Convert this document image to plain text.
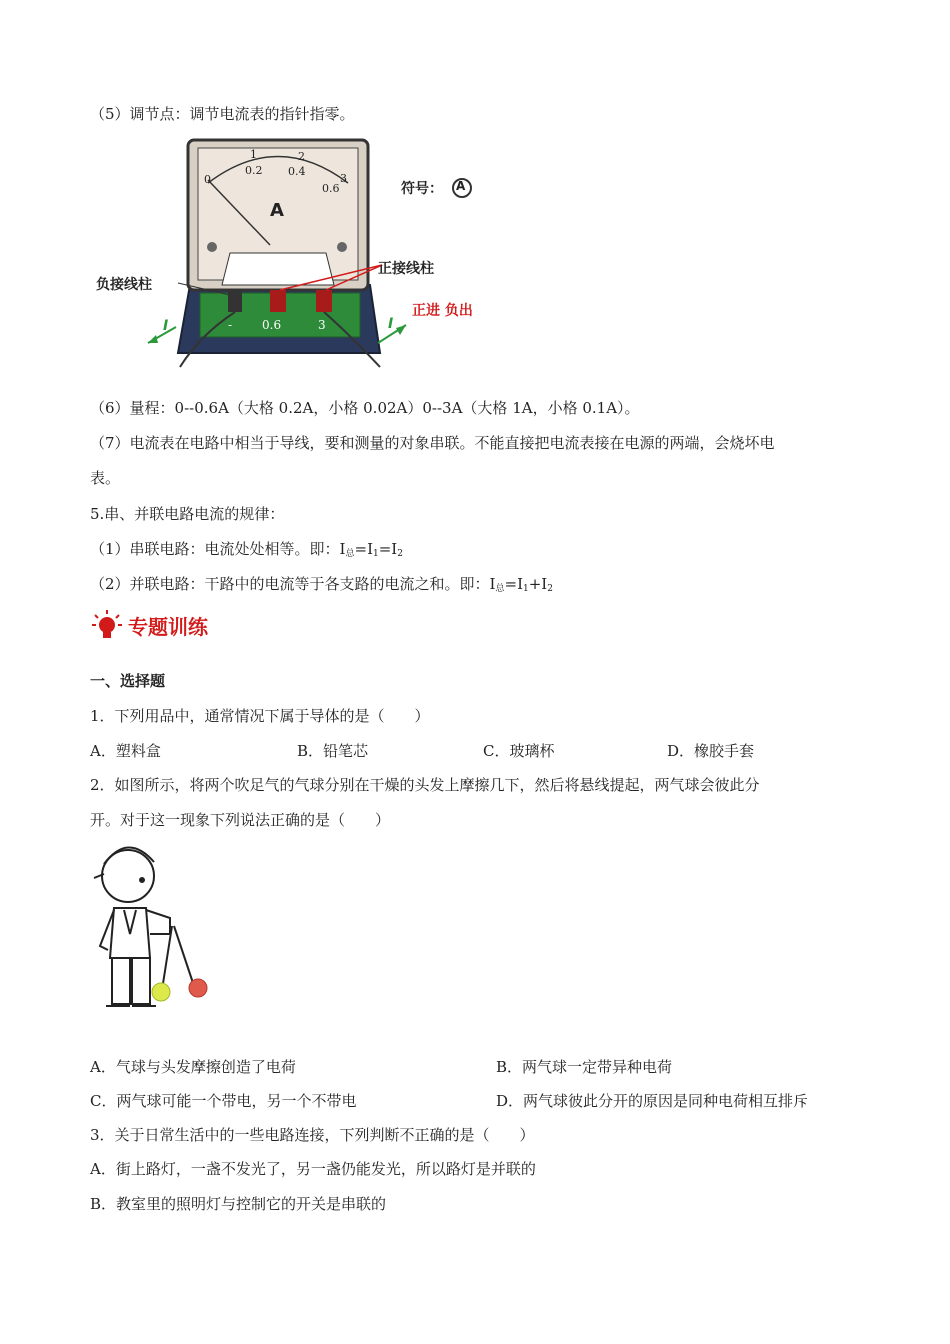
（5）调节点：调节电流表的指针指零。
0
1	2
3
0.2 0.4
0.6
A
符号： A
正接线柱
负接线柱
正进 负出
- 0.6	3
I	I
（6）量程：0--0.6A（大格 0.2A，小格 0.02A）0--3A（大格 1A，小格 0.1A）。
（7）电流表在电路中相当于导线，要和测量的对象串联。不能直接把电流表接在电源的两端，会烧坏电
表。
5.串、并联电路电流的规律：
（1）串联电路：电流处处相等。即：$I_总=I_1=I_2$
（2）并联电路：干路中的电流等于各支路的电流之和。即：$I_总=I_1+I_2$
专题训练
一、选择题
1．下列用品中，通常情况下属于导体的是（　　）
A．塑料盒	B．铅笔芯	C．玻璃杯	D．橡胶手套
2．如图所示，将两个吹足气的气球分别在干燥的头发上摩擦几下，然后将悬线提起，两气球会彼此分
开。对于这一现象下列说法正确的是（　　）
A．气球与头发摩擦创造了电荷	B．两气球一定带异种电荷
C．两气球可能一个带电，另一个不带电	D．两气球彼此分开的原因是同种电荷相互排斥
3．关于日常生活中的一些电路连接，下列判断不正确的是（　　）
A．街上路灯，一盏不发光了，另一盏仍能发光，所以路灯是并联的
B．教室里的照明灯与控制它的开关是串联的
